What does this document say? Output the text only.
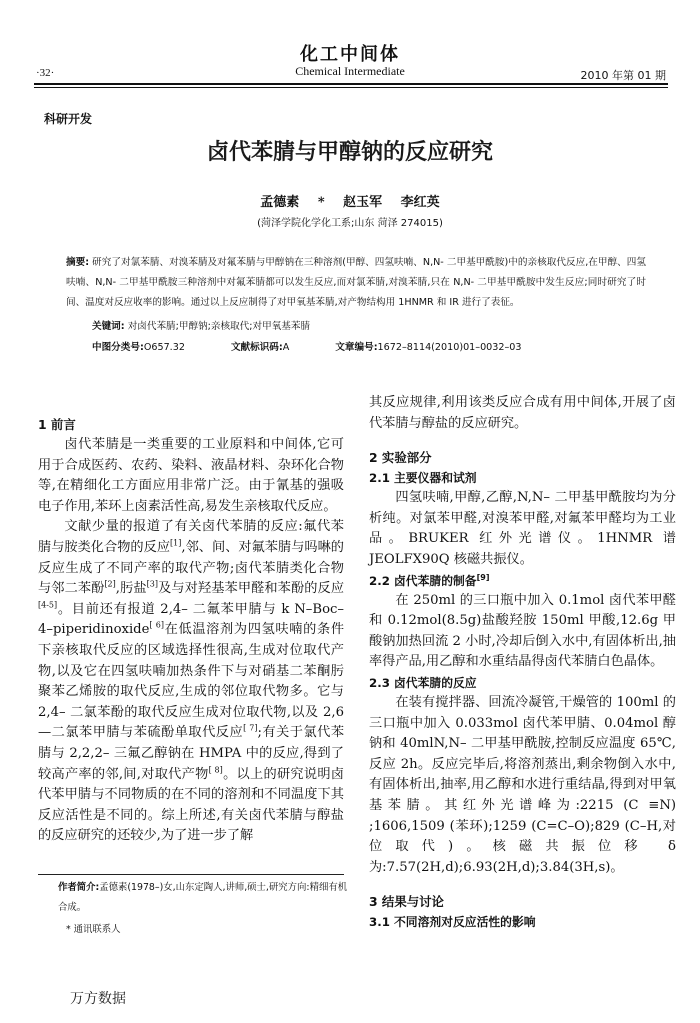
化工中间体
Chemical Intermediate
·32·	2010 年第 01 期
科研开发
卤代苯腈与甲醇钠的反应研究
孟德素 * 赵玉军 李红英
(菏泽学院化学化工系;山东 菏泽 274015)
摘要: 研究了对氯苯腈、对溴苯腈及对氟苯腈与甲醇钠在三种溶剂(甲醇、四氢呋喃、N,N- 二甲基甲酰胺)中的亲核取代反应,在甲醇、四氢呋喃、N,N- 二甲基甲酰胺三种溶剂中对氟苯腈都可以发生反应,而对氯苯腈,对溴苯腈,只在 N,N- 二甲基甲酰胺中发生反应;同时研究了时间、温度对反应收率的影响。通过以上反应制得了对甲氧基苯腈,对产物结构用 1HNMR 和 IR 进行了表征。
关键词: 对卤代苯腈;甲醇钠;亲核取代;对甲氧基苯腈
中图分类号:O657.32	文献标识码:A	文章编号:1672–8114(2010)01–0032–03
1 前言

卤代苯腈是一类重要的工业原料和中间体,它可用于合成医药、农药、染料、液晶材料、杂环化合物等,在精细化工方面应用非常广泛。由于氰基的强吸电子作用,苯环上卤素活性高,易发生亲核取代反应。

文献少量的报道了有关卤代苯腈的反应:氟代苯腈与胺类化合物的反应[1],邻、间、对氟苯腈与吗啉的反应生成了不同产率的取代产物;卤代苯腈类化合物与邻二苯酚[2],肟盐[3]及与对羟基苯甲醛和苯酚的反应[4-5]。目前还有报道 2,4– 二氟苯甲腈与 k N–Boc–4–piperidinoxide[ 6]在低温溶剂为四氢呋喃的条件下亲核取代反应的区域选择性很高,生成对位取代产物,以及它在四氢呋喃加热条件下与对硝基二苯酮肟聚苯乙烯胺的取代反应,生成的邻位取代物多。它与 2,4– 二氯苯酚的取代反应生成对位取代物,以及 2,6—二氯苯甲腈与苯硫酚单取代反应[ 7];有关于氯代苯腈与 2,2,2– 三氟乙醇钠在 HMPA 中的反应,得到了较高产率的邻,间,对取代产物[ 8]。以上的研究说明卤代苯甲腈与不同物质的在不同的溶剂和不同温度下其反应活性是不同的。综上所述,有关卤代苯腈与醇盐的反应研究的还较少,为了进一步了解

其反应规律,利用该类反应合成有用中间体,开展了卤代苯腈与醇盐的反应研究。

2 实验部分
2.1 主要仪器和试剂

四氢呋喃,甲醇,乙醇,N,N– 二甲基甲酰胺均为分析纯。对氯苯甲醛,对溴苯甲醛,对氟苯甲醛均为工业品。BRUKER 红外光谱仪。1HNMR 谱 JEOLFX90Q 核磁共振仪。

2.2 卤代苯腈的制备[9]

在 250ml 的三口瓶中加入 0.1mol 卤代苯甲醛和 0.12mol(8.5g)盐酸羟胺 150ml 甲酸,12.6g 甲酸钠加热回流 2 小时,冷却后倒入水中,有固体析出,抽率得产品,用乙醇和水重结晶得卤代苯腈白色晶体。

2.3 卤代苯腈的反应

在装有搅拌器、回流冷凝管,干燥管的 100ml 的三口瓶中加入 0.033mol 卤代苯甲腈、0.04mol 醇钠和 40mlN,N– 二甲基甲酰胺,控制反应温度 65℃,反应 2h。反应完毕后,将溶剂蒸出,剩余物倒入水中,有固体析出,抽率,用乙醇和水进行重结晶,得到对甲氧基苯腈。其红外光谱峰为:2215 (C ≡N) ;1606,1509 (苯环);1259 (C=C–O);829 (C–H,对位取代)。核磁共振位移 δ 为:7.57(2H,d);6.93(2H,d);3.84(3H,s)。

3 结果与讨论
3.1 不同溶剂对反应活性的影响
作者简介:孟德素(1978–)女,山东定陶人,讲师,硕士,研究方向:精细有机合成。
* 通讯联系人
万方数据
